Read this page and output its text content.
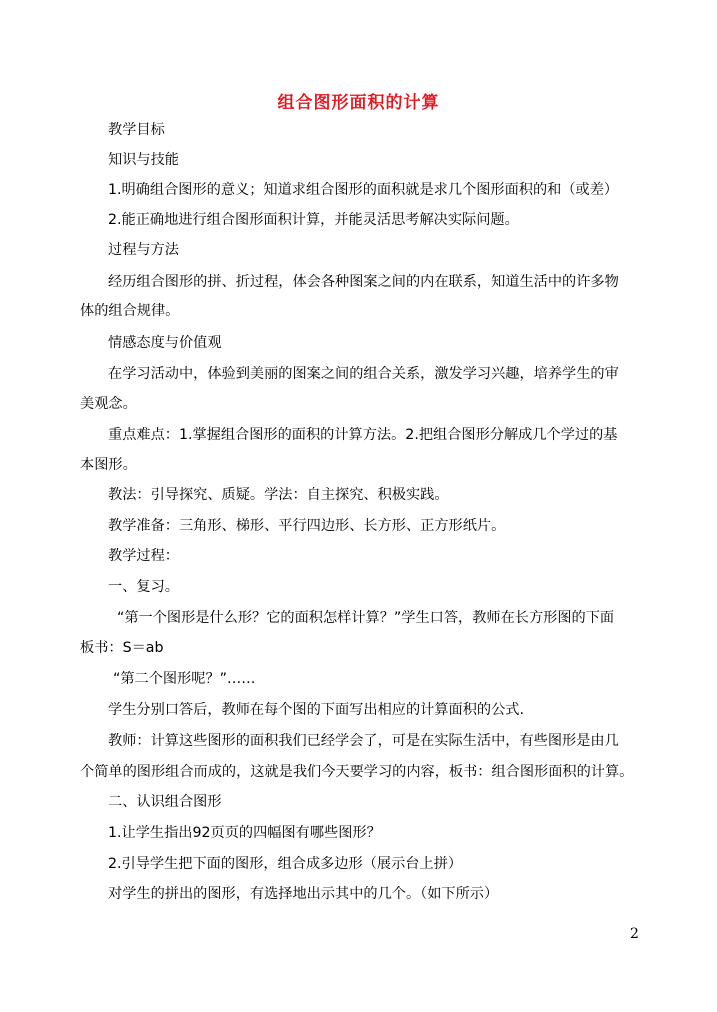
组合图形面积的计算
教学目标
知识与技能
1.明确组合图形的意义；知道求组合图形的面积就是求几个图形面积的和（或差）
2.能正确地进行组合图形面积计算，并能灵活思考解决实际问题。
过程与方法
经历组合图形的拼、折过程，体会各种图案之间的内在联系，知道生活中的许多物
体的组合规律。
情感态度与价值观
在学习活动中，体验到美丽的图案之间的组合关系，激发学习兴趣，培养学生的审
美观念。
重点难点：1.掌握组合图形的面积的计算方法。2.把组合图形分解成几个学过的基
本图形。
教法：引导探究、质疑。学法：自主探究、积极实践。
教学准备：三角形、梯形、平行四边形、长方形、正方形纸片。
教学过程：
一、复习。
“第一个图形是什么形？它的面积怎样计算？”学生口答，教师在长方形图的下面
板书：S＝ab
“第二个图形呢？”……
学生分别口答后，教师在每个图的下面写出相应的计算面积的公式.
教师：计算这些图形的面积我们已经学会了，可是在实际生活中，有些图形是由几
个简单的图形组合而成的，这就是我们今天要学习的内容，板书：组合图形面积的计算。
二、认识组合图形
1.让学生指出92页页的四幅图有哪些图形？
2.引导学生把下面的图形，组合成多边形（展示台上拼）
对学生的拼出的图形，有选择地出示其中的几个。（如下所示）
2
